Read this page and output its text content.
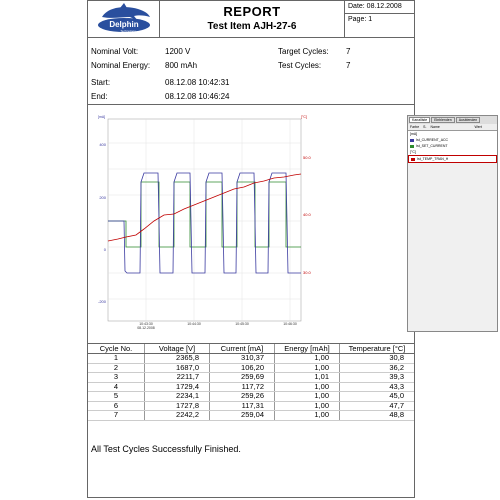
Delphin
Technology
REPORT
Test Item AJH-27-6
Date: 08.12.2008
Page: 1
Nominal Volt:	1200 V
Nominal Energy:	800 mAh
Start:	08.12.08 10:42:31
End:	08.12.08 10:46:24
Target Cycles:	7
Test Cycles:	7
[mA]	[°C]
400
200
0
-200
50.0
40.0
30.0
10:43:30
08.12.2008
10:44:30	10:45:30	10:46:30
Kanalliste	Einblenden	Ausblenden
Farbe S. Name	Wert
[mA]
Ist_CURRENT_ACC
Ist_SET_CURRENT
[°C]
Ist_TEMP_TRAN_H
Cycle No.	Voltage [V]	Current [mA]	Energy [mAh]	Temperature [°C]
1	2365,8	310,37	1,00	30,8
2	1687,0	106,20	1,00	36,2
3	2211,7	259,69	1,01	39,3
4	1729,4	117,72	1,00	43,3
5	2234,1	259,26	1,00	45,0
6	1727,8	117,31	1,00	47,7
7	2242,2	259,04	1,00	48,8
All Test Cycles Successfully Finished.
